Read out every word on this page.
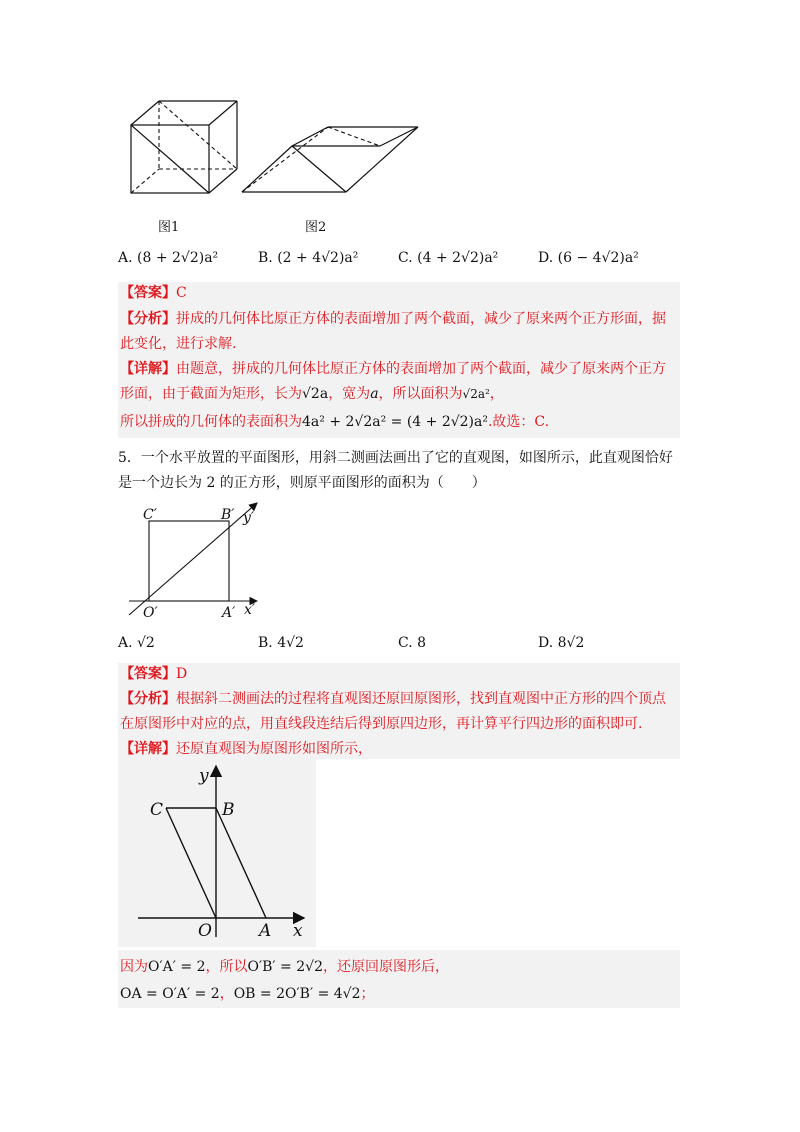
图1	图2
A. (8 + 2√2)a²	B. (2 + 4√2)a²	C. (4 + 2√2)a²	D. (6 − 4√2)a²
【答案】C
【分析】拼成的几何体比原正方体的表面增加了两个截面，减少了原来两个正方形面，据
此变化，进行求解.
【详解】由题意，拼成的几何体比原正方体的表面增加了两个截面，减少了原来两个正方
形面，由于截面为矩形，长为√2a，宽为a，所以面积为√2a²，
所以拼成的几何体的表面积为4a² + 2√2a² = (4 + 2√2)a².故选：C.
5．一个水平放置的平面图形，用斜二测画法画出了它的直观图，如图所示，此直观图恰好
是一个边长为 2 的正方形，则原平面图形的面积为（　　）
C′	B′ y′
O′	A′ x′
A. √2	B. 4√2	C. 8	D. 8√2
【答案】D
【分析】根据斜二测画法的过程将直观图还原回原图形，找到直观图中正方形的四个顶点
在原图形中对应的点，用直线段连结后得到原四边形，再计算平行四边形的面积即可.
【详解】还原直观图为原图形如图所示，
y
C	B
O	A x
因为O′A′ = 2，所以O′B′ = 2√2，还原回原图形后，
OA = O′A′ = 2，OB = 2O′B′ = 4√2；
